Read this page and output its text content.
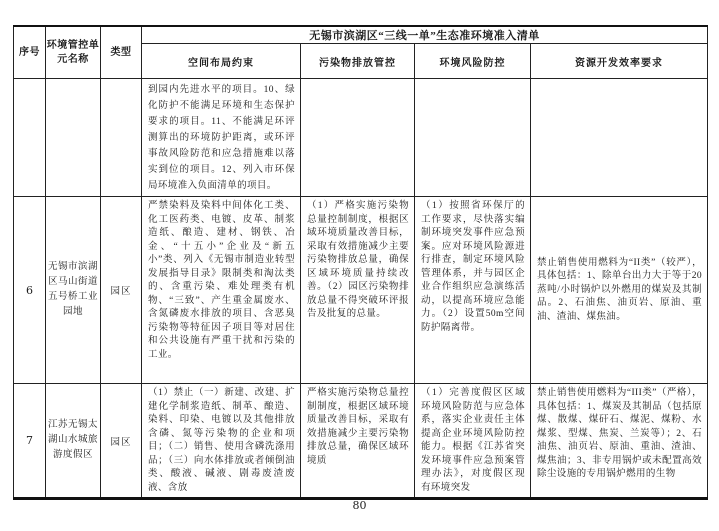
序号	环境管控单元名称	类型	无锡市滨湖区“三线一单”生态准环境准入清单			
			空间布局约束	污染物排放管控	环境风险防控	资源开发效率要求

			到园内先进水平的项目。10、绿化防护不能满足环境和生态保护要求的项目。11、不能满足环评测算出的环境防护距离，或环评事故风险防范和应急措施难以落实到位的项目。12、列入市环保局环境准入负面清单的项目。			

6	无锡市滨湖区马山街道五号桥工业园地	园区	严禁染料及染料中间体化工类、化工医药类、电镀、皮革、制浆造纸、酿造、建材、钢铁、冶金、“十五小”企业及“新五小”类、列入《无锡市制造业转型发展指导目录》限制类和淘汰类的、含重污染、难处理类有机物、“三致”、产生重金属废水、含氮磷废水排放的项目、含恶臭污染物等特征因子项目等对居住和公共设施有严重干扰和污染的工业。	（1）严格实施污染物总量控制制度，根据区域环境质量改善目标，采取有效措施减少主要污染物排放总量，确保区域环境质量持续改善。（2）园区污染物排放总量不得突破环评报告及批复的总量。	（1）按照省环保厅的工作要求，尽快落实编制环境突发事件应急预案。应对环境风险源进行排查，制定环境风险管理体系，并与园区企业合作组织应急演练活动，以提高环境应急能力。（2）设置50m空间防护隔离带。	禁止销售使用燃料为“II类”（较严），具体包括：1、除单台出力大于等于20蒸吨/小时锅炉以外燃用的煤炭及其制品。2、石油焦、油页岩、原油、重油、渣油、煤焦油。

7	江苏无锡太湖山水城旅游度假区	园区	（1）禁止（一）新建、改建、扩建化学制浆造纸、制革、酿造、染料、印染、电镀以及其他排放含磷、氮等污染物的企业和项目；（二）销售、使用含磷洗涤用品；（三）向水体排放或者倾倒油类、酸液、碱液、剧毒废渣废液、含放	严格实施污染物总量控制制度，根据区域环境质量改善目标，采取有效措施减少主要污染物排放总量，确保区域环境质	（1）完善度假区区域环境风险防范与应急体系，落实企业责任主体提高企业环境风险防控能力。根据《江苏省突发环境事件应急预案管理办法》，对度假区现有环境突发	禁止销售使用燃料为“III类”（严格），具体包括：1、煤炭及其制品（包括原煤、散煤、煤矸石、煤泥、煤粉、水煤浆、型煤、焦炭、兰炭等）；2、石油焦、油页岩、原油、重油、渣油、煤焦油；3、非专用锅炉或未配置高效除尘设施的专用锅炉燃用的生物
80
